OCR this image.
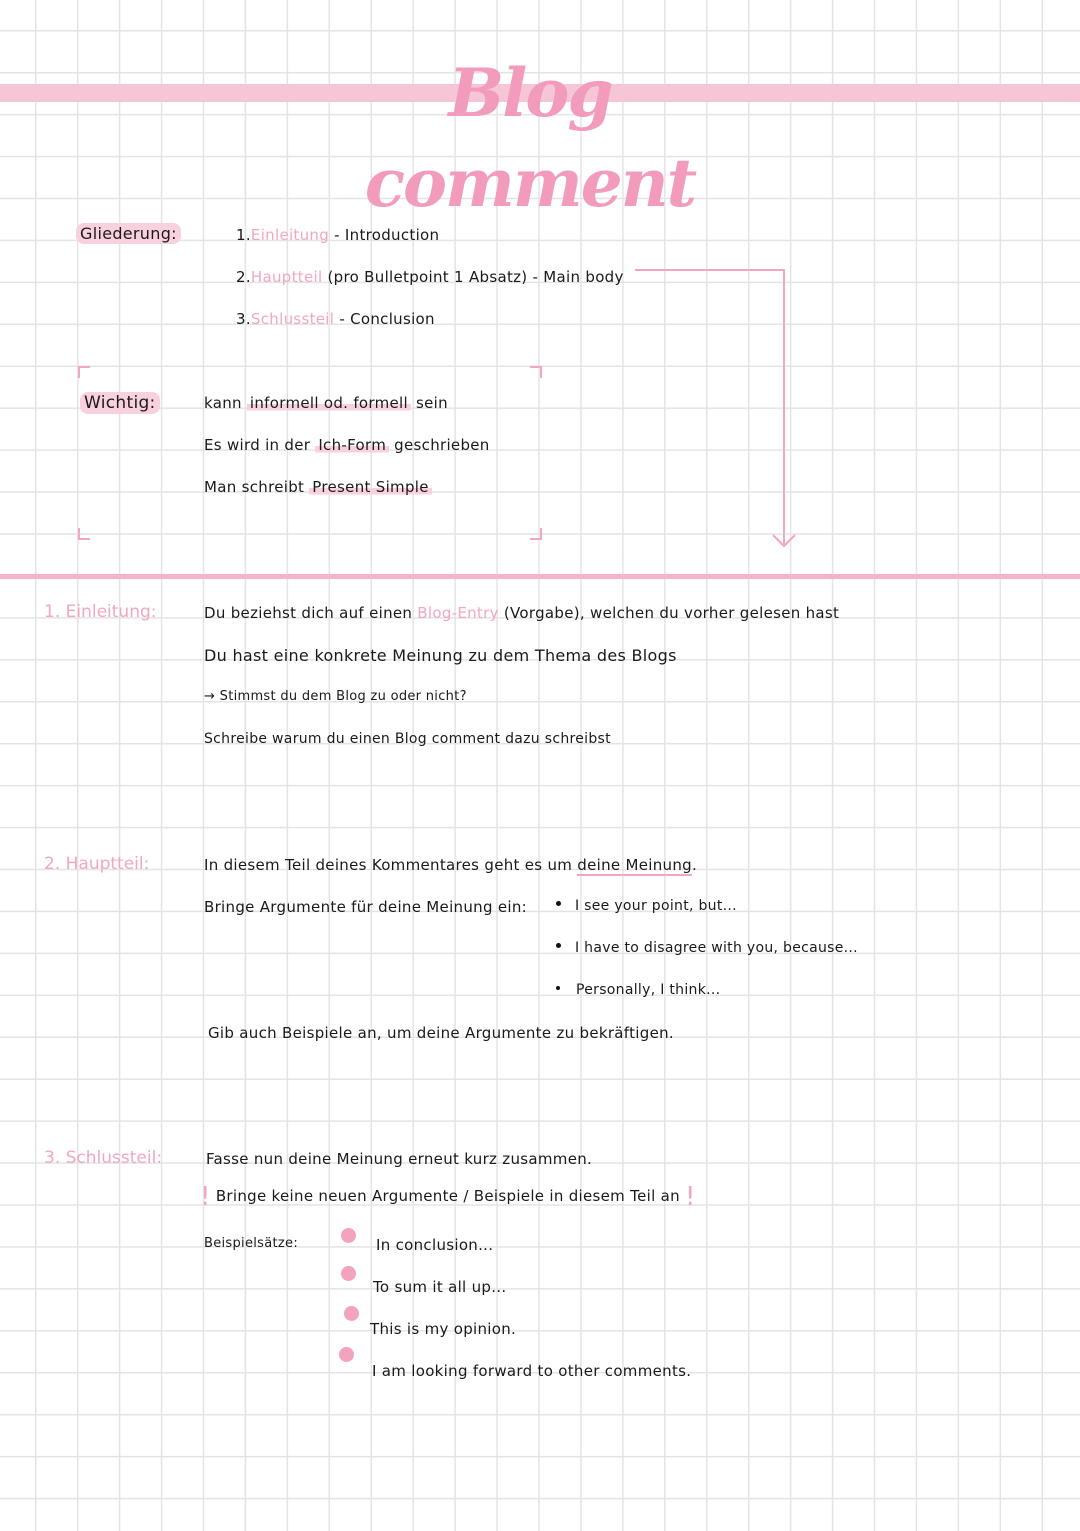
Blog comment
Gliederung:	1.Einleitung - Introduction
2.Hauptteil (pro Bulletpoint 1 Absatz) - Main body
3.Schlussteil - Conclusion
Wichtig:	kann informell od. formell sein
Es wird in der Ich-Form geschrieben
Man schreibt Present Simple
1. Einleitung:	Du beziehst dich auf einen Blog-Entry (Vorgabe), welchen du vorher gelesen hast
Du hast eine konkrete Meinung zu dem Thema des Blogs
→ Stimmst du dem Blog zu oder nicht?
Schreibe warum du einen Blog comment dazu schreibst
2. Hauptteil:	In diesem Teil deines Kommentares geht es um deine Meinung.
Bringe Argumente für deine Meinung ein:	I see your point, but...
I have to disagree with you, because...
Personally, I think...
Gib auch Beispiele an, um deine Argumente zu bekräftigen.
3. Schlussteil:	Fasse nun deine Meinung erneut kurz zusammen.
! Bringe keine neuen Argumente / Beispiele in diesem Teil an !
Beispielsätze:	In conclusion...
To sum it all up...
This is my opinion.
I am looking forward to other comments.
